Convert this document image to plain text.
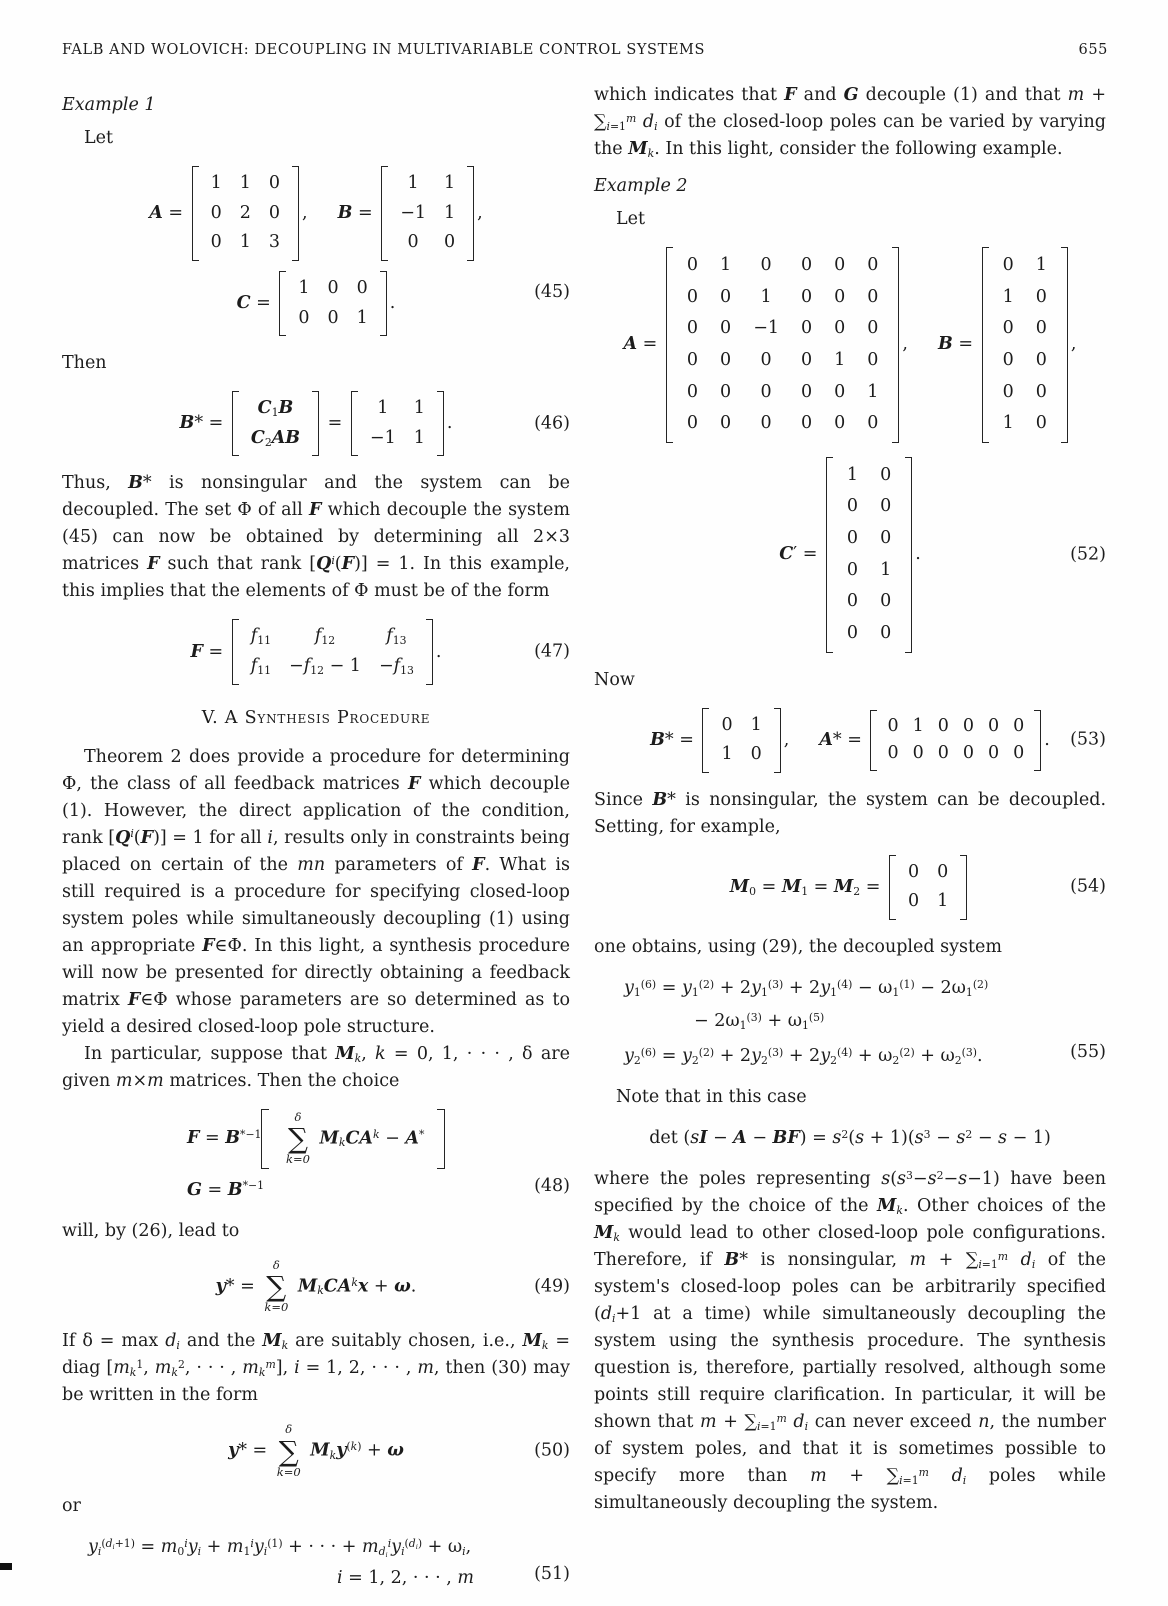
FALB AND WOLOVICH: DECOUPLING IN MULTIVARIABLE CONTROL SYSTEMS	655
Example 1
Let
A =
1	1	0
0	2	0
0	1	3
, B =
1	1
−1	1
0	0
,
C =
1	0	0
0	0	1
.
(45)
Then
B* =
$C_1B$
$C_2AB$
=
1	1
−1	1
.	(46)

Thus, B* is nonsingular and the system can be decoupled. The set Φ of all F which decouple the system (45) can now be obtained by determining all 2×3 matrices F such that rank $[Q^i(F)] = 1$. In this example, this implies that the elements of Φ must be of the form

F =
$f_{11}$	$f_{12}$	$f_{13}$
$f_{11}$	$-f_{12} - 1$	$-f_{13}$
.	(47)
V. A Synthesis Procedure

Theorem 2 does provide a procedure for determining Φ, the class of all feedback matrices F which decouple (1). However, the direct application of the condition, rank $[Q^i(F)] = 1$ for all i, results only in constraints being placed on certain of the mn parameters of F. What is still required is a procedure for specifying closed-loop system poles while simultaneously decoupling (1) using an appropriate F∈Φ. In this light, a synthesis procedure will now be presented for directly obtaining a feedback matrix F∈Φ whose parameters are so determined as to yield a desired closed-loop pole structure.

In particular, suppose that $M_k$, k = 0, 1, · · · , δ are given m×m matrices. Then the choice

$F = B^{*-1}$

δ
∑
k=0
$M_kCA^k - A^*$
$G = B^{*-1}$	(48)
will, by (26), lead to
y* =
δ
∑
k=0
$M_kCA^kx + \omega$.	(49)

If $\delta = \max d_i$ and the $M_k$ are suitably chosen, i.e., $M_k$ = diag [$m_k^1$, $m_k^2$, · · · , $m_k^m$], i = 1, 2, · · · , m, then (30) may be written in the form

y* =
δ
∑
k=0
$M_ky^{(k)} + \omega$	(50)
or
$y_i^{(d_i+1)} = m_0^iy_i + m_1^iy_i^{(1)}$ + · · · + $m_{d_i}^iy_i^{(d_i)} + \omega_i$,
i = 1, 2, · · · , m	(51)

which indicates that F and G decouple (1) and that $m + \sum_{i=1}^m$ $d_i$ of the closed-loop poles can be varied by varying the $M_k$. In this light, consider the following example.

Example 2
Let
A =
0	1	0	0	0	0
0	0	1	0	0	0
0	0	−1	0	0	0
0	0	0	0	1	0
0	0	0	0	0	1
0	0	0	0	0	0
, B =
0	1
1	0
0	0
0	0
0	0
1	0
,
C′ =
1	0
0	0
0	0
0	1
0	0
0	0
.	(52)
Now
B* =
0	1
1	0
, A* =
0 1 0 0 0 0
0 0 0 0 0 0
. (53)

Since B* is nonsingular, the system can be decoupled. Setting, for example,

$M_0 = M_1 = M_2$ =
0	0
0	1
(54)

one obtains, using (29), the decoupled system

$y_1^{(6)} = y_1^{(2)} + 2y_1^{(3)} + 2y_1^{(4)} - \omega_1^{(1)} - 2\omega_1^{(2)}$
− $2\omega_1^{(3)} + \omega_1^{(5)}$
$y_2^{(6)} = y_2^{(2)} + 2y_2^{(3)} + 2y_2^{(4)} + \omega_2^{(2)} + \omega_2^{(3)}$.	(55)

Note that in this case

$\det (sI - A - BF) = s^2(s + 1)(s^3 - s^2 - s - 1)$

where the poles representing $s(s^3-s^2-s-1)$ have been specified by the choice of the $M_k$. Other choices of the $M_k$ would lead to other closed-loop pole configurations. Therefore, if B* is nonsingular, $m + \sum_{i=1}^m$ $d_i$ of the system's closed-loop poles can be arbitrarily specified ($d_i+1$ at a time) while simultaneously decoupling the system using the synthesis procedure. The synthesis question is, therefore, partially resolved, although some points still require clarification. In particular, it will be shown that $m + \sum_{i=1}^m$ $d_i$ can never exceed n, the number of system poles, and that it is sometimes possible to specify more than $m + \sum_{i=1}^m$ $d_i$ poles while simultaneously decoupling the system.
